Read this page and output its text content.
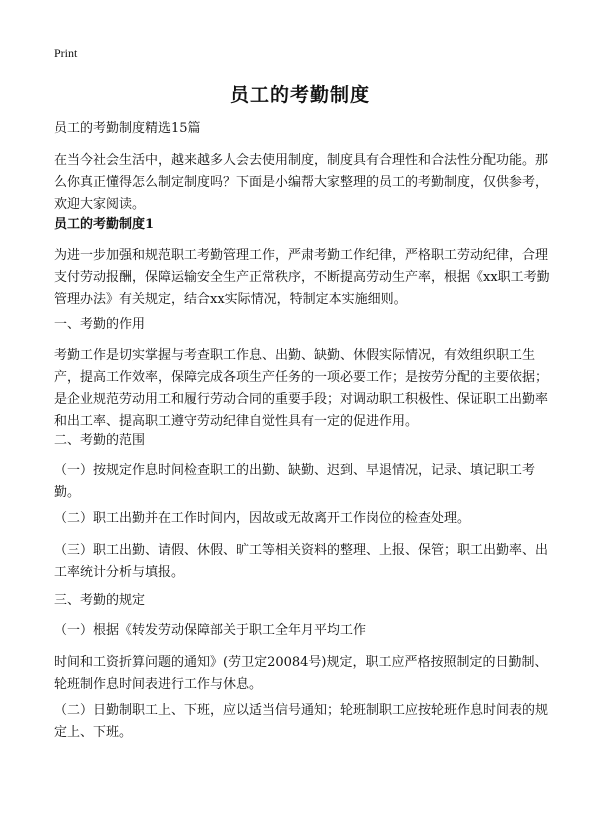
Print
员工的考勤制度

员工的考勤制度精选15篇

在当今社会生活中，越来越多人会去使用制度，制度具有合理性和合法性分配功能。那么你真正懂得怎么制定制度吗？下面是小编帮大家整理的员工的考勤制度，仅供参考，欢迎大家阅读。

员工的考勤制度1

为进一步加强和规范职工考勤管理工作，严肃考勤工作纪律，严格职工劳动纪律，合理支付劳动报酬，保障运输安全生产正常秩序，不断提高劳动生产率，根据《xx职工考勤管理办法》有关规定，结合xx实际情况，特制定本实施细则。

一、考勤的作用

考勤工作是切实掌握与考查职工作息、出勤、缺勤、休假实际情况，有效组织职工生产，提高工作效率，保障完成各项生产任务的一项必要工作；是按劳分配的主要依据；是企业规范劳动用工和履行劳动合同的重要手段；对调动职工积极性、保证职工出勤率和出工率、提高职工遵守劳动纪律自觉性具有一定的促进作用。

二、考勤的范围

（一）按规定作息时间检查职工的出勤、缺勤、迟到、早退情况，记录、填记职工考勤。

（二）职工出勤并在工作时间内，因故或无故离开工作岗位的检查处理。

（三）职工出勤、请假、休假、旷工等相关资料的整理、上报、保管；职工出勤率、出工率统计分析与填报。

三、考勤的规定

（一）根据《转发劳动保障部关于职工全年月平均工作

时间和工资折算问题的通知》(劳卫定20084号)规定，职工应严格按照制定的日勤制、轮班制作息时间表进行工作与休息。

（二）日勤制职工上、下班，应以适当信号通知；轮班制职工应按轮班作息时间表的规定上、下班。
